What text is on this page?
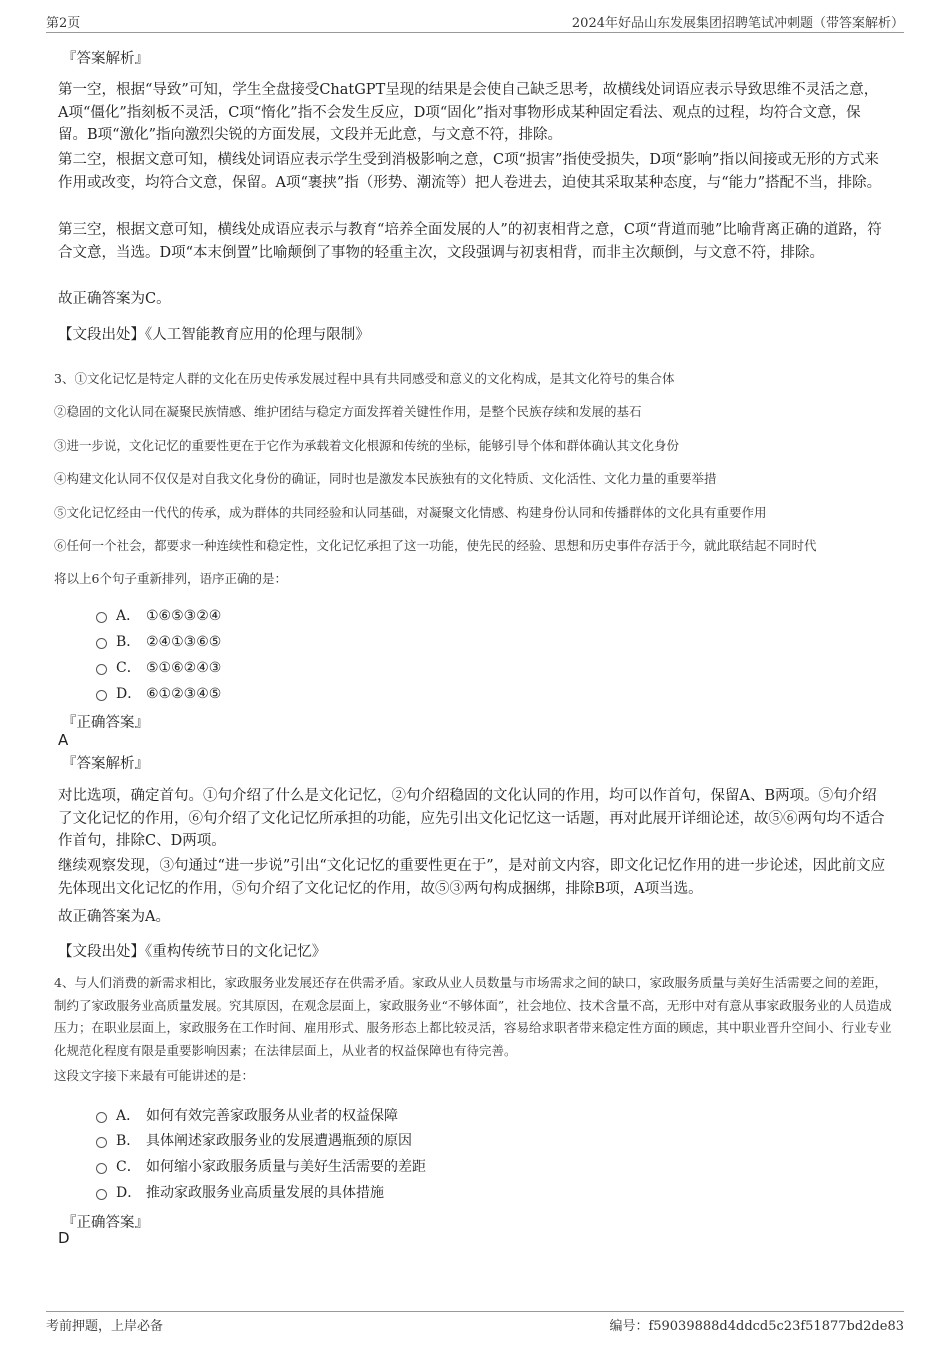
第2页	2024年好品山东发展集团招聘笔试冲刺题（带答案解析）
『答案解析』
第一空，根据“导致”可知，学生全盘接受ChatGPT呈现的结果是会使自己缺乏思考，故横线处词语应表示导致思维不灵活之意，A项“僵化”指刻板不灵活，C项“惰化”指不会发生反应，D项“固化”指对事物形成某种固定看法、观点的过程，均符合文意，保留。B项“激化”指向激烈尖锐的方面发展，文段并无此意，与文意不符，排除。
第二空，根据文意可知，横线处词语应表示学生受到消极影响之意，C项“损害”指使受损失，D项“影响”指以间接或无形的方式来作用或改变，均符合文意，保留。A项“裹挟”指（形势、潮流等）把人卷进去，迫使其采取某种态度，与“能力”搭配不当，排除。
第三空，根据文意可知，横线处成语应表示与教育“培养全面发展的人”的初衷相背之意，C项“背道而驰”比喻背离正确的道路，符合文意，当选。D项“本末倒置”比喻颠倒了事物的轻重主次，文段强调与初衷相背，而非主次颠倒，与文意不符，排除。
故正确答案为C。
【文段出处】《人工智能教育应用的伦理与限制》
3、①文化记忆是特定人群的文化在历史传承发展过程中具有共同感受和意义的文化构成，是其文化符号的集合体
②稳固的文化认同在凝聚民族情感、维护团结与稳定方面发挥着关键性作用，是整个民族存续和发展的基石
③进一步说，文化记忆的重要性更在于它作为承载着文化根源和传统的坐标，能够引导个体和群体确认其文化身份
④构建文化认同不仅仅是对自我文化身份的确证，同时也是激发本民族独有的文化特质、文化活性、文化力量的重要举措
⑤文化记忆经由一代代的传承，成为群体的共同经验和认同基础，对凝聚文化情感、构建身份认同和传播群体的文化具有重要作用
⑥任何一个社会，都要求一种连续性和稳定性，文化记忆承担了这一功能，使先民的经验、思想和历史事件存活于今，就此联结起不同时代
将以上6个句子重新排列，语序正确的是：
A． ①⑥⑤③②④
B． ②④①③⑥⑤
C． ⑤①⑥②④③
D． ⑥①②③④⑤
『正确答案』
A
『答案解析』
对比选项，确定首句。①句介绍了什么是文化记忆，②句介绍稳固的文化认同的作用，均可以作首句，保留A、B两项。⑤句介绍了文化记忆的作用，⑥句介绍了文化记忆所承担的功能，应先引出文化记忆这一话题，再对此展开详细论述，故⑤⑥两句均不适合作首句，排除C、D两项。
继续观察发现，③句通过“进一步说”引出“文化记忆的重要性更在于”，是对前文内容，即文化记忆作用的进一步论述，因此前文应先体现出文化记忆的作用，⑤句介绍了文化记忆的作用，故⑤③两句构成捆绑，排除B项，A项当选。
故正确答案为A。
【文段出处】《重构传统节日的文化记忆》
4、与人们消费的新需求相比，家政服务业发展还存在供需矛盾。家政从业人员数量与市场需求之间的缺口，家政服务质量与美好生活需要之间的差距，制约了家政服务业高质量发展。究其原因，在观念层面上，家政服务业“不够体面”，社会地位、技术含量不高，无形中对有意从事家政服务业的人员造成压力；在职业层面上，家政服务在工作时间、雇用形式、服务形态上都比较灵活，容易给求职者带来稳定性方面的顾虑，其中职业晋升空间小、行业专业化规范化程度有限是重要影响因素；在法律层面上，从业者的权益保障也有待完善。
这段文字接下来最有可能讲述的是：
A． 如何有效完善家政服务从业者的权益保障
B． 具体阐述家政服务业的发展遭遇瓶颈的原因
C． 如何缩小家政服务质量与美好生活需要的差距
D． 推动家政服务业高质量发展的具体措施
『正确答案』
D
考前押题，上岸必备	编号：f59039888d4ddcd5c23f51877bd2de83
